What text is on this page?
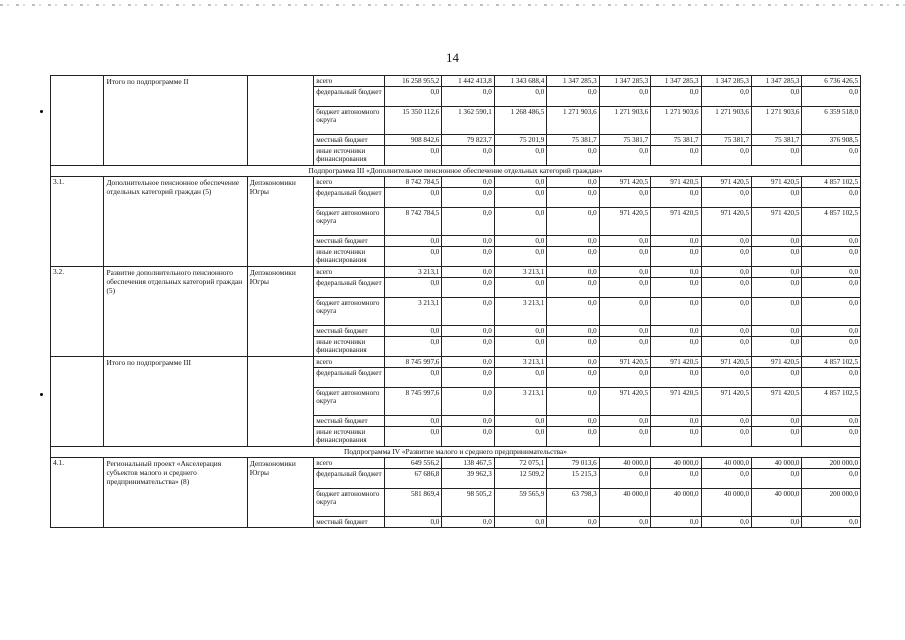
14
	Итого по подпрограмме II		всего	16 258 955,2	1 442 413,8	1 343 688,4	1 347 285,3	1 347 285,3	1 347 285,3	1 347 285,3	1 347 285,3	6 736 426,5
			федеральный бюджет	0,0	0,0	0,0	0,0	0,0	0,0	0,0	0,0	0,0
			бюджет автономного округа	15 350 112,6	1 362 590,1	1 268 486,5	1 271 903,6	1 271 903,6	1 271 903,6	1 271 903,6	1 271 903,6	6 359 518,0
			местный бюджет	908 842,6	79 823,7	75 201,9	75 381,7	75 381,7	75 381,7	75 381,7	75 381,7	376 908,5
			иные источники финансирования	0,0	0,0	0,0	0,0	0,0	0,0	0,0	0,0	0,0
Подпрограмма III «Дополнительное пенсионное обеспечение отдельных категорий граждан»												
3.1.	Дополнительное пенсионное обеспечение отдельных категорий граждан (5)	Депэкономики Югры	всего	8 742 784,5	0,0	0,0	0,0	971 420,5	971 420,5	971 420,5	971 420,5	4 857 102,5
			федеральный бюджет	0,0	0,0	0,0	0,0	0,0	0,0	0,0	0,0	0,0
			бюджет автономного округа	8 742 784,5	0,0	0,0	0,0	971 420,5	971 420,5	971 420,5	971 420,5	4 857 102,5
			местный бюджет	0,0	0,0	0,0	0,0	0,0	0,0	0,0	0,0	0,0
			иные источники финансирования	0,0	0,0	0,0	0,0	0,0	0,0	0,0	0,0	0,0
3.2.	Развитие дополнительного пенсионного обеспечения отдельных категорий граждан (5)	Депэкономики Югры	всего	3 213,1	0,0	3 213,1	0,0	0,0	0,0	0,0	0,0	0,0
			федеральный бюджет	0,0	0,0	0,0	0,0	0,0	0,0	0,0	0,0	0,0
			бюджет автономного округа	3 213,1	0,0	3 213,1	0,0	0,0	0,0	0,0	0,0	0,0
			местный бюджет	0,0	0,0	0,0	0,0	0,0	0,0	0,0	0,0	0,0
			иные источники финансирования	0,0	0,0	0,0	0,0	0,0	0,0	0,0	0,0	0,0
	Итого по подпрограмме III		всего	8 745 997,6	0,0	3 213,1	0,0	971 420,5	971 420,5	971 420,5	971 420,5	4 857 102,5
			федеральный бюджет	0,0	0,0	0,0	0,0	0,0	0,0	0,0	0,0	0,0
			бюджет автономного округа	8 745 997,6	0,0	3 213,1	0,0	971 420,5	971 420,5	971 420,5	971 420,5	4 857 102,5
			местный бюджет	0,0	0,0	0,0	0,0	0,0	0,0	0,0	0,0	0,0
			иные источники финансирования	0,0	0,0	0,0	0,0	0,0	0,0	0,0	0,0	0,0
Подпрограмма IV «Развитие малого и среднего предпринимательства»												
4.1.	Региональный проект «Акселерация субъектов малого и среднего предпринимательства» (8)	Депэкономики Югры	всего	649 556,2	138 467,5	72 075,1	79 013,6	40 000,0	40 000,0	40 000,0	40 000,0	200 000,0
			федеральный бюджет	67 686,8	39 962,3	12 509,2	15 215,3	0,0	0,0	0,0	0,0	0,0
			бюджет автономного округа	581 869,4	98 505,2	59 565,9	63 798,3	40 000,0	40 000,0	40 000,0	40 000,0	200 000,0
			местный бюджет	0,0	0,0	0,0	0,0	0,0	0,0	0,0	0,0	0,0
